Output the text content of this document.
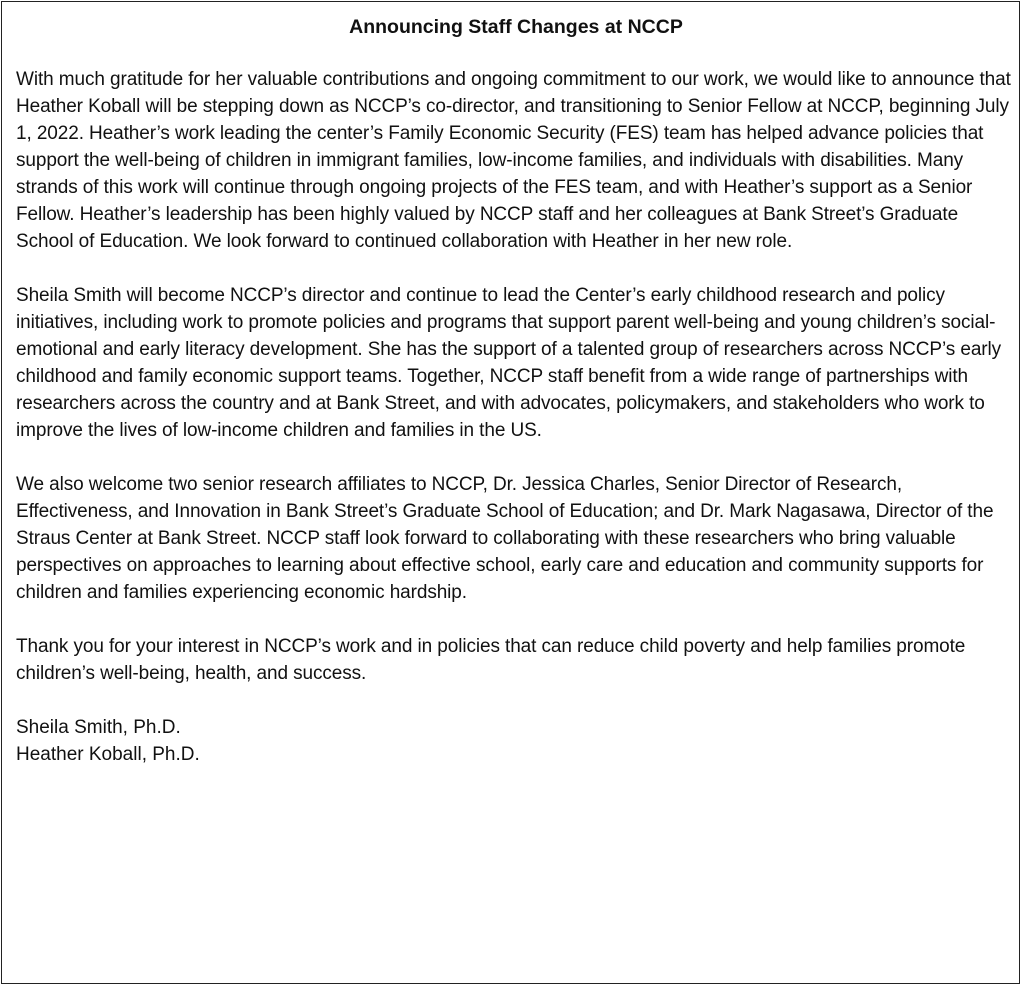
Announcing Staff Changes at NCCP

With much gratitude for her valuable contributions and ongoing commitment to our work, we would like to announce that Heather Koball will be stepping down as NCCP’s co-director, and transitioning to Senior Fellow at NCCP, beginning July 1, 2022. Heather’s work leading the center’s Family Economic Security (FES) team has helped advance policies that support the well-being of children in immigrant families, low-income families, and individuals with disabilities. Many strands of this work will continue through ongoing projects of the FES team, and with Heather’s support as a Senior Fellow. Heather’s leadership has been highly valued by NCCP staff and her colleagues at Bank Street’s Graduate School of Education. We look forward to continued collaboration with Heather in her new role.

Sheila Smith will become NCCP’s director and continue to lead the Center’s early childhood research and policy initiatives, including work to promote policies and programs that support parent well-being and young children’s social-emotional and early literacy development. She has the support of a talented group of researchers across NCCP’s early childhood and family economic support teams. Together, NCCP staff benefit from a wide range of partnerships with researchers across the country and at Bank Street, and with advocates, policymakers, and stakeholders who work to improve the lives of low-income children and families in the US.

We also welcome two senior research affiliates to NCCP, Dr. Jessica Charles, Senior Director of Research, Effectiveness, and Innovation in Bank Street’s Graduate School of Education; and Dr. Mark Nagasawa, Director of the Straus Center at Bank Street. NCCP staff look forward to collaborating with these researchers who bring valuable perspectives on approaches to learning about effective school, early care and education and community supports for children and families experiencing economic hardship.

Thank you for your interest in NCCP’s work and in policies that can reduce child poverty and help families promote children’s well-being, health, and success.

Sheila Smith, Ph.D.

Heather Koball, Ph.D.
